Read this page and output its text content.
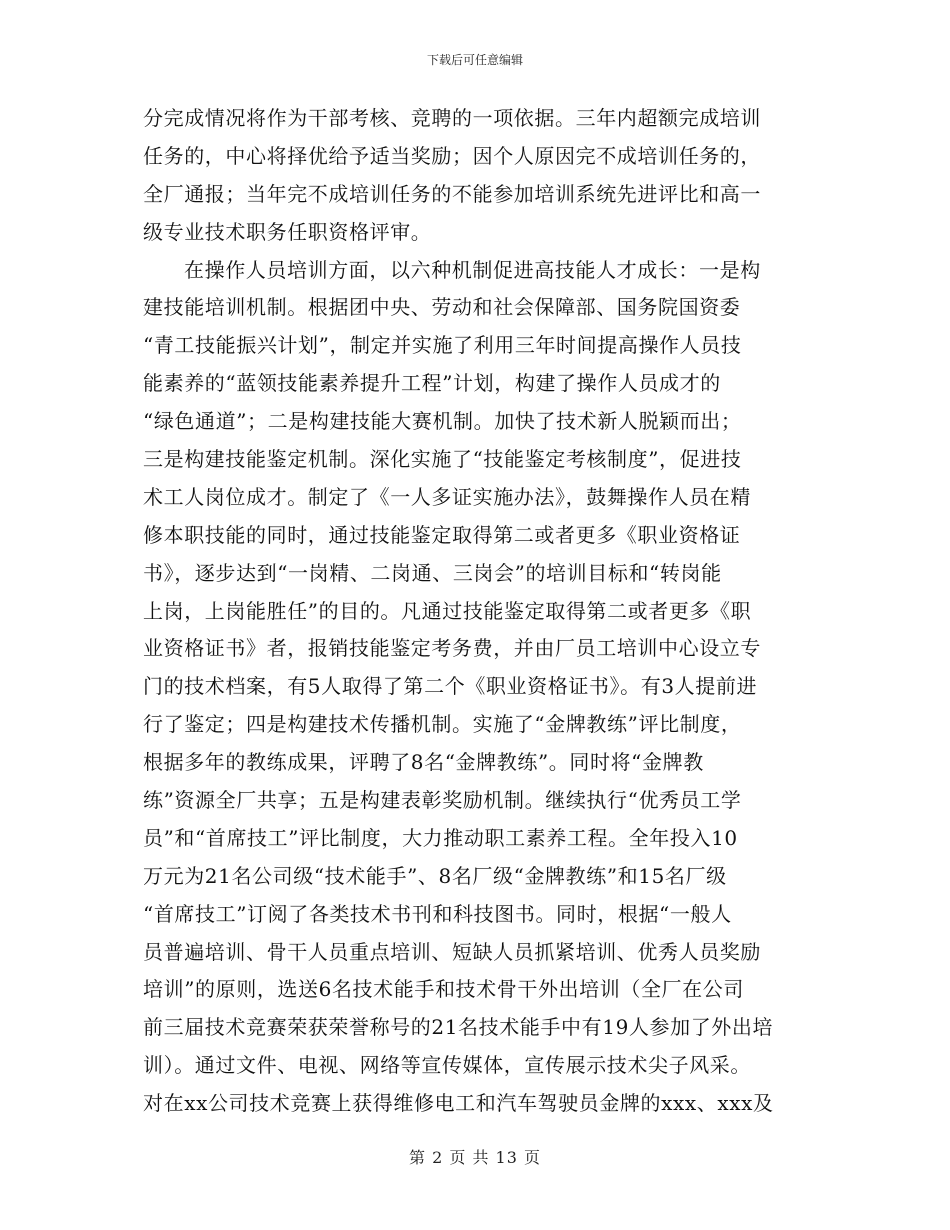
下载后可任意编辑
分完成情况将作为干部考核、竞聘的一项依据。三年内超额完成培训
任务的，中心将择优给予适当奖励；因个人原因完不成培训任务的，
全厂通报；当年完不成培训任务的不能参加培训系统先进评比和高一
级专业技术职务任职资格评审。
在操作人员培训方面，以六种机制促进高技能人才成长：一是构
建技能培训机制。根据团中央、劳动和社会保障部、国务院国资委
“青工技能振兴计划”，制定并实施了利用三年时间提高操作人员技
能素养的“蓝领技能素养提升工程”计划，构建了操作人员成才的
“绿色通道”；二是构建技能大赛机制。加快了技术新人脱颖而出；
三是构建技能鉴定机制。深化实施了“技能鉴定考核制度”，促进技
术工人岗位成才。制定了《一人多证实施办法》，鼓舞操作人员在精
修本职技能的同时，通过技能鉴定取得第二或者更多《职业资格证
书》，逐步达到“一岗精、二岗通、三岗会”的培训目标和“转岗能
上岗，上岗能胜任”的目的。凡通过技能鉴定取得第二或者更多《职
业资格证书》者，报销技能鉴定考务费，并由厂员工培训中心设立专
门的技术档案，有5人取得了第二个《职业资格证书》。有3人提前进
行了鉴定；四是构建技术传播机制。实施了“金牌教练”评比制度，
根据多年的教练成果，评聘了8名“金牌教练”。同时将“金牌教
练”资源全厂共享；五是构建表彰奖励机制。继续执行“优秀员工学
员”和“首席技工”评比制度，大力推动职工素养工程。全年投入10
万元为21名公司级“技术能手”、8名厂级“金牌教练”和15名厂级
“首席技工”订阅了各类技术书刊和科技图书。同时，根据“一般人
员普遍培训、骨干人员重点培训、短缺人员抓紧培训、优秀人员奖励
培训”的原则，选送6名技术能手和技术骨干外出培训（全厂在公司
前三届技术竞赛荣获荣誉称号的21名技术能手中有19人参加了外出培
训）。通过文件、电视、网络等宣传媒体，宣传展示技术尖子风采。
对在xx公司技术竞赛上获得维修电工和汽车驾驶员金牌的xxx、xxx及
第 2 页 共 13 页
